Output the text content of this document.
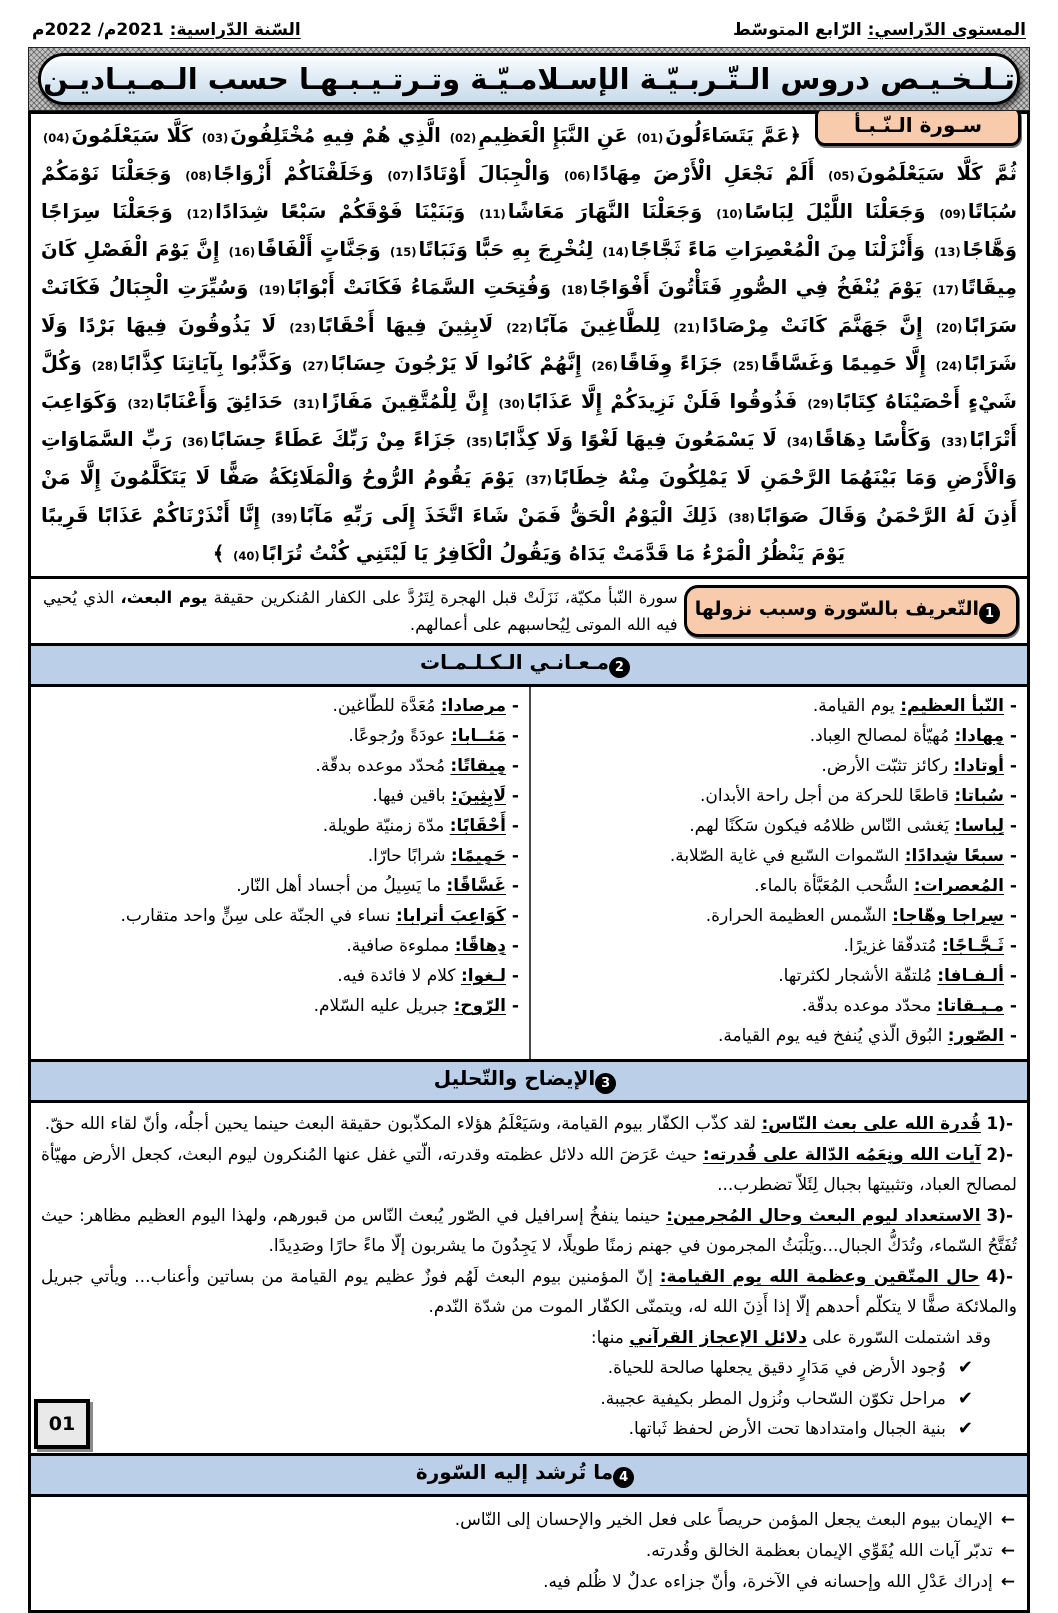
المستوى الدّراسي: الرّابع المتوسّط
السّنة الدّراسية: 2021م/ 2022م
تـلـخـيـص دروس الـتّـربـيّـة الإسـلامـيّـة وتـرتـيـبـهـا حسب الـمـيـاديـن
سـورة الـنّـبـأ
﴿عَمَّ يَتَسَاءَلُونَ(01) عَنِ النَّبَإِ الْعَظِيمِ(02) الَّذِي هُمْ فِيهِ مُخْتَلِفُونَ(03) كَلَّا سَيَعْلَمُونَ(04) ثُمَّ كَلَّا سَيَعْلَمُونَ(05) أَلَمْ نَجْعَلِ الْأَرْضَ مِهَادًا(06) وَالْجِبَالَ أَوْتَادًا(07) وَخَلَقْنَاكُمْ أَزْوَاجًا(08) وَجَعَلْنَا نَوْمَكُمْ سُبَاتًا(09) وَجَعَلْنَا اللَّيْلَ لِبَاسًا(10) وَجَعَلْنَا النَّهَارَ مَعَاشًا(11) وَبَنَيْنَا فَوْقَكُمْ سَبْعًا شِدَادًا(12) وَجَعَلْنَا سِرَاجًا وَهَّاجًا(13) وَأَنْزَلْنَا مِنَ الْمُعْصِرَاتِ مَاءً ثَجَّاجًا(14) لِنُخْرِجَ بِهِ حَبًّا وَنَبَاتًا(15) وَجَنَّاتٍ أَلْفَافًا(16) إِنَّ يَوْمَ الْفَصْلِ كَانَ مِيقَاتًا(17) يَوْمَ يُنْفَخُ فِي الصُّورِ فَتَأْتُونَ أَفْوَاجًا(18) وَفُتِحَتِ السَّمَاءُ فَكَانَتْ أَبْوَابًا(19) وَسُيِّرَتِ الْجِبَالُ فَكَانَتْ سَرَابًا(20) إِنَّ جَهَنَّمَ كَانَتْ مِرْصَادًا(21) لِلطَّاغِينَ مَآبًا(22) لَابِثِينَ فِيهَا أَحْقَابًا(23) لَا يَذُوقُونَ فِيهَا بَرْدًا وَلَا شَرَابًا(24) إِلَّا حَمِيمًا وَغَسَّاقًا(25) جَزَاءً وِفَاقًا(26) إِنَّهُمْ كَانُوا لَا يَرْجُونَ حِسَابًا(27) وَكَذَّبُوا بِآيَاتِنَا كِذَّابًا(28) وَكُلَّ شَيْءٍ أَحْصَيْنَاهُ كِتَابًا(29) فَذُوقُوا فَلَنْ نَزِيدَكُمْ إِلَّا عَذَابًا(30) إِنَّ لِلْمُتَّقِينَ مَفَازًا(31) حَدَائِقَ وَأَعْنَابًا(32) وَكَوَاعِبَ أَتْرَابًا(33) وَكَأْسًا دِهَاقًا(34) لَا يَسْمَعُونَ فِيهَا لَغْوًا وَلَا كِذَّابًا(35) جَزَاءً مِنْ رَبِّكَ عَطَاءً حِسَابًا(36) رَبِّ السَّمَاوَاتِ وَالْأَرْضِ وَمَا بَيْنَهُمَا الرَّحْمَنِ لَا يَمْلِكُونَ مِنْهُ خِطَابًا(37) يَوْمَ يَقُومُ الرُّوحُ وَالْمَلَائِكَةُ صَفًّا لَا يَتَكَلَّمُونَ إِلَّا مَنْ أَذِنَ لَهُ الرَّحْمَنُ وَقَالَ صَوَابًا(38) ذَلِكَ الْيَوْمُ الْحَقُّ فَمَنْ شَاءَ اتَّخَذَ إِلَى رَبِّهِ مَآبًا(39) إِنَّا أَنْذَرْنَاكُمْ عَذَابًا قَرِيبًا يَوْمَ يَنْظُرُ الْمَرْءُ مَا قَدَّمَتْ يَدَاهُ وَيَقُولُ الْكَافِرُ يَا لَيْتَنِي كُنْتُ تُرَابًا(40) ﴾
1التّعريف بالسّورة وسبب نزولها
سورة النّبأ مكيّة، نَزَلَتْ قبل الهجرة لِتَرُدَّ على الكفار المُنكرين حقيقة يوم البعث، الذي يُحيي فيه الله الموتى لِيُحاسبهم على أعمالهم.
2مـعـانـي الـكـلـمـات
- النّبأ العظيم: يوم القيامة.
- مِهادا: مُهيّأة لمصالح العِباد.
- أوتادا: ركائز تثبّت الأرض.
- سُباتا: قاطعًا للحركة من أجل راحة الأبدان.
- لِباسا: يَغشى النّاس ظلامُه فيكون سَكَنًا لهم.
- سبعًا شِدادًا: السّموات السّبع في غاية الصّلابة.
- المُعصرات: السُّحب المُعَبَّأة بالماء.
- سِراجا وهّاجا: الشّمس العظيمة الحرارة.
- ثَـجَّـاجًا: مُتدفّقا غزيرًا.
- ألـفـافا: مُلتفّة الأشجار لكثرتها.
- مـيـقاتا: محدّد موعده بدقّة.
- الصّور: البُوق الّذي يُنفخ فيه يوم القيامة.
- مرصادا: مُعَدَّة للطّاغين.
- مَئــابا: عودَةً ورُجوعًا.
- مِيقاتًا: مُحدّد موعده بدقّة.
- لَابِثِينَ: باقين فيها.
- أَحْقَابًا: مدّة زمنيّة طويلة.
- حَمِيمًا: شرابًا حارّا.
- غَسَّاقًا: ما يَسِيلُ من أجساد أهل النّار.
- كَوَاعِبَ أترابا: نساء في الجنّة على سِنٍّ واحد متقارب.
- دِهاقًا: مملوءة صافية.
- لـغوا: كلام لا فائدة فيه.
- الرّوح: جبريل عليه السّلام.
3الإيضاح والتّحليل

1)- قُدرة الله على بعث النّاس: لقد كذّب الكفّار بيوم القيامة، وسَيَعْلَمُ هؤلاء المكذّبون حقيقة البعث حينما يحين أجلُه، وأنّ لقاء الله حقّ.

2)- آيات الله ونِعَمُه الدّالة على قُدرته: حيث عَرَضَ الله دلائل عظمته وقدرته، الّتي غفل عنها المُنكرون ليوم البعث، كجعل الأرض مهيّأة لمصالح العباد، وتثبيتها بجبال لِئَلاّ تضطرب...

3)- الاستعداد ليوم البعث وحال المُجرمين: حينما ينفخُ إسرافيل في الصّور يُبعث النّاس من قبورهم، ولهذا اليوم العظيم مظاهر: حيث تُفَتَّحُ السّماء، وتُدَكُّ الجبال...ويَلْبَثُ المجرمون في جهنم زمنًا طويلًا، لا يَجِدُونَ ما يشربون إلّا ماءً حارًا وصَدِيدًا.

4)- حال المتّقين وعظمة الله يوم القيامة: إنّ المؤمنين بيوم البعث لَهُم فوزٌ عظيم يوم القيامة من بساتين وأعناب... ويأتي جبريل والملائكة صفًّا لا يتكلّم أحدهم إلّا إذا أَذِنَ الله له، ويتمنّى الكفّار الموت من شدّة النّدم.

وقد اشتملت السّورة على دلائل الإعجاز القرآني منها:
✔وُجود الأرض في مَدَارٍ دقيق يجعلها صالحة للحياة.
✔مراحل تكوّن السّحاب ونُزول المطر بكيفية عجيبة.
✔بنية الجبال وامتدادها تحت الأرض لحفظ ثَباتها.
4ما تُرشد إليه السّورة
←الإيمان بيوم البعث يجعل المؤمن حريصاً على فعل الخير والإحسان إلى النّاس.
←تدبّر آيات الله يُقَوِّي الإيمان بعظمة الخالق وقُدرته.
←إدراك عَدْلِ الله وإحسانه في الآخرة، وأنّ جزاءه عدلٌ لا ظُلم فيه.
01
